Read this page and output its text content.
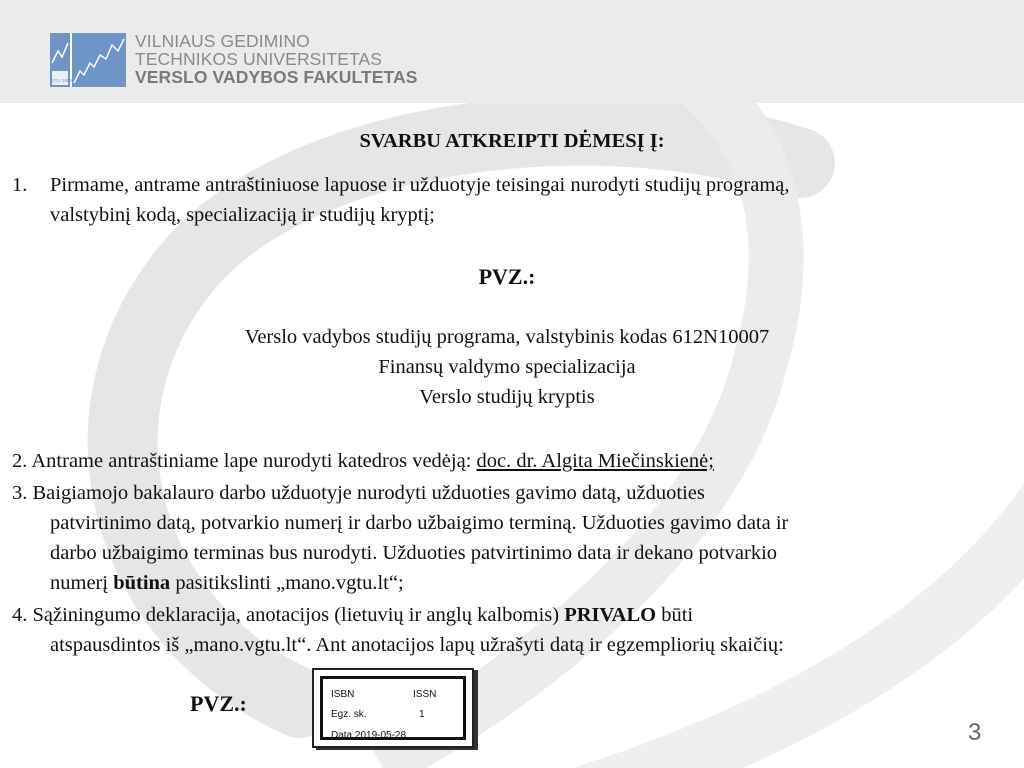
VGTU 1956
VILNIAUS GEDIMINO
TECHNIKOS UNIVERSITETAS
VERSLO VADYBOS FAKULTETAS
SVARBU ATKREIPTI DĖMESĮ Į:
1. Pirmame, antrame antraštiniuose lapuose ir užduotyje teisingai nurodyti studijų programą,
valstybinį kodą, specializaciją ir studijų kryptį;
PVZ.:
Verslo vadybos studijų programa, valstybinis kodas 612N10007
Finansų valdymo specializacija
Verslo studijų kryptis
2. Antrame antraštiniame lape nurodyti katedros vedėją: doc. dr. Algita Miečinskienė;
3. Baigiamojo bakalauro darbo užduotyje nurodyti užduoties gavimo datą, užduoties
patvirtinimo datą, potvarkio numerį ir darbo užbaigimo terminą. Užduoties gavimo data ir
darbo užbaigimo terminas bus nurodyti. Užduoties patvirtinimo data ir dekano potvarkio
numerį būtina pasitikslinti „mano.vgtu.lt“;
4. Sąžiningumo deklaracija, anotacijos (lietuvių ir anglų kalbomis) PRIVALO būti
atspausdintos iš „mano.vgtu.lt“. Ant anotacijos lapų užrašyti datą ir egzempliorių skaičių:
PVZ.:	ISBN	ISSN
Egz. sk.	1
Data 2019-05-28	3
